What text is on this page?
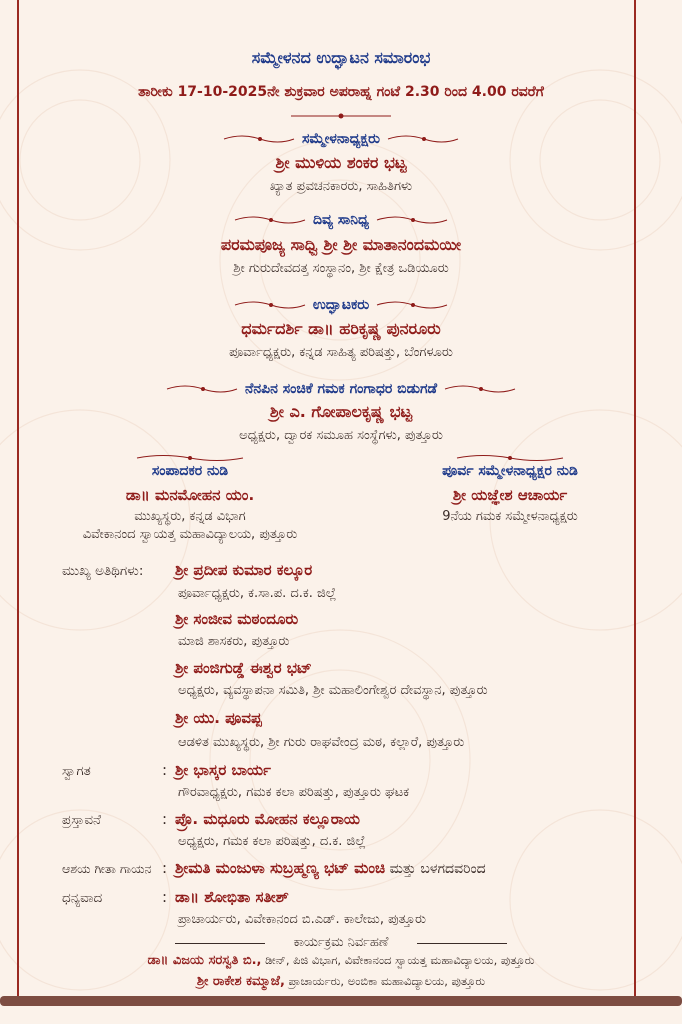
ಸಮ್ಮೇಳನದ ಉದ್ಘಾಟನ ಸಮಾರಂಭ
ತಾರೀಕು 17-10-2025ನೇ ಶುಕ್ರವಾರ ಅಪರಾಹ್ನ ಗಂಟೆ 2.30 ರಿಂದ 4.00 ರವರೆಗೆ
ಸಮ್ಮೇಳನಾಧ್ಯಕ್ಷರು
ಶ್ರೀ ಮುಳಿಯ ಶಂಕರ ಭಟ್ಟ
ಖ್ಯಾತ ಪ್ರವಚನಕಾರರು, ಸಾಹಿತಿಗಳು
ದಿವ್ಯ ಸಾನಿಧ್ಯ
ಪರಮಪೂಜ್ಯ ಸಾಧ್ವಿ ಶ್ರೀ ಶ್ರೀ ಮಾತಾನಂದಮಯೀ
ಶ್ರೀ ಗುರುದೇವದತ್ತ ಸಂಸ್ಥಾನಂ, ಶ್ರೀ ಕ್ಷೇತ್ರ ಒಡಿಯೂರು
ಉದ್ಘಾಟಕರು
ಧರ್ಮದರ್ಶಿ ಡಾ॥ ಹರಿಕೃಷ್ಣ ಪುನರೂರು
ಪೂರ್ವಾಧ್ಯಕ್ಷರು, ಕನ್ನಡ ಸಾಹಿತ್ಯ ಪರಿಷತ್ತು, ಬೆಂಗಳೂರು
ನೆನಪಿನ ಸಂಚಿಕೆ ಗಮಕ ಗಂಗಾಧರ ಬಿಡುಗಡೆ
ಶ್ರೀ ಎ. ಗೋಪಾಲಕೃಷ್ಣ ಭಟ್ಟ
ಅಧ್ಯಕ್ಷರು, ದ್ವಾರಕ ಸಮೂಹ ಸಂಸ್ಥೆಗಳು, ಪುತ್ತೂರು
ಸಂಪಾದಕರ ನುಡಿ
ಡಾ॥ ಮನಮೋಹನ ಯಂ.
ಮುಖ್ಯಸ್ಥರು, ಕನ್ನಡ ವಿಭಾಗ
ವಿವೇಕಾನಂದ ಸ್ವಾಯತ್ತ ಮಹಾವಿದ್ಯಾಲಯ, ಪುತ್ತೂರು
ಪೂರ್ವ ಸಮ್ಮೇಳನಾಧ್ಯಕ್ಷರ ನುಡಿ
ಶ್ರೀ ಯಜ್ಞೇಶ ಆಚಾರ್ಯ
9ನೆಯ ಗಮಕ ಸಮ್ಮೇಳನಾಧ್ಯಕ್ಷರು
ಮುಖ್ಯ ಅತಿಥಿಗಳು: ಶ್ರೀ ಪ್ರದೀಪ ಕುಮಾರ ಕಲ್ಕೂರ
ಪೂರ್ವಾಧ್ಯಕ್ಷರು, ಕ.ಸಾ.ಪ. ದ.ಕ. ಜಿಲ್ಲೆ
ಶ್ರೀ ಸಂಜೀವ ಮಠಂದೂರು
ಮಾಜಿ ಶಾಸಕರು, ಪುತ್ತೂರು
ಶ್ರೀ ಪಂಜಿಗುಡ್ಡೆ ಈಶ್ವರ ಭಟ್
ಅಧ್ಯಕ್ಷರು, ವ್ಯವಸ್ಥಾಪನಾ ಸಮಿತಿ, ಶ್ರೀ ಮಹಾಲಿಂಗೇಶ್ವರ ದೇವಸ್ಥಾನ, ಪುತ್ತೂರು
ಶ್ರೀ ಯು. ಪೂವಪ್ಪ
ಆಡಳಿತ ಮುಖ್ಯಸ್ಥರು, ಶ್ರೀ ಗುರು ರಾಘವೇಂದ್ರ ಮಠ, ಕಲ್ಲಾರೆ, ಪುತ್ತೂರು
ಸ್ವಾಗತ	: ಶ್ರೀ ಭಾಸ್ಕರ ಬಾರ್ಯ
ಗೌರವಾಧ್ಯಕ್ಷರು, ಗಮಕ ಕಲಾ ಪರಿಷತ್ತು, ಪುತ್ತೂರು ಘಟಕ
ಪ್ರಸ್ತಾವನೆ	: ಪ್ರೊ. ಮಧೂರು ಮೋಹನ ಕಲ್ಲೂರಾಯ
ಅಧ್ಯಕ್ಷರು, ಗಮಕ ಕಲಾ ಪರಿಷತ್ತು, ದ.ಕ. ಜಿಲ್ಲೆ
ಆಶಯ ಗೀತಾ ಗಾಯನ : ಶ್ರೀಮತಿ ಮಂಜುಳಾ ಸುಬ್ರಹ್ಮಣ್ಯ ಭಟ್ ಮಂಚಿ ಮತ್ತು ಬಳಗದವರಿಂದ
ಧನ್ಯವಾದ	: ಡಾ॥ ಶೋಭಿತಾ ಸತೀಶ್
ಪ್ರಾಚಾರ್ಯರು, ವಿವೇಕಾನಂದ ಬಿ.ಎಡ್. ಕಾಲೇಜು, ಪುತ್ತೂರು
ಕಾರ್ಯಕ್ರಮ ನಿರ್ವಹಣೆ
ಡಾ॥ ವಿಜಯ ಸರಸ್ವತಿ ಬಿ., ಡೀನ್, ಪಿಜಿ ವಿಭಾಗ, ವಿವೇಕಾನಂದ ಸ್ವಾಯತ್ತ ಮಹಾವಿದ್ಯಾಲಯ, ಪುತ್ತೂರು
ಶ್ರೀ ರಾಕೇಶ ಕಮ್ಮಾಜೆ, ಪ್ರಾಚಾರ್ಯರು, ಅಂಬಿಕಾ ಮಹಾವಿದ್ಯಾಲಯ, ಪುತ್ತೂರು
